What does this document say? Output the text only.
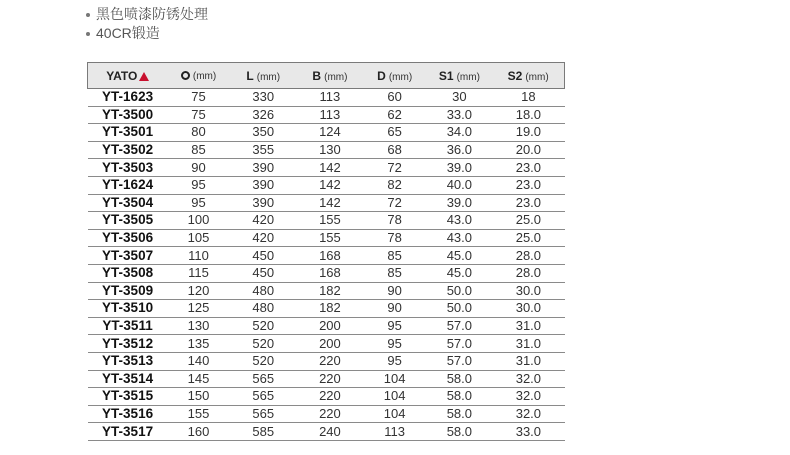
黑色喷漆防锈处理
40CR锻造
YATO	(mm)	L (mm)	B (mm)	D (mm)	S1 (mm)	S2 (mm)
YT-1623	75	330	113	60	30	18
YT-3500	75	326	113	62	33.0	18.0
YT-3501	80	350	124	65	34.0	19.0
YT-3502	85	355	130	68	36.0	20.0
YT-3503	90	390	142	72	39.0	23.0
YT-1624	95	390	142	82	40.0	23.0
YT-3504	95	390	142	72	39.0	23.0
YT-3505	100	420	155	78	43.0	25.0
YT-3506	105	420	155	78	43.0	25.0
YT-3507	110	450	168	85	45.0	28.0
YT-3508	115	450	168	85	45.0	28.0
YT-3509	120	480	182	90	50.0	30.0
YT-3510	125	480	182	90	50.0	30.0
YT-3511	130	520	200	95	57.0	31.0
YT-3512	135	520	200	95	57.0	31.0
YT-3513	140	520	220	95	57.0	31.0
YT-3514	145	565	220	104	58.0	32.0
YT-3515	150	565	220	104	58.0	32.0
YT-3516	155	565	220	104	58.0	32.0
YT-3517	160	585	240	113	58.0	33.0
